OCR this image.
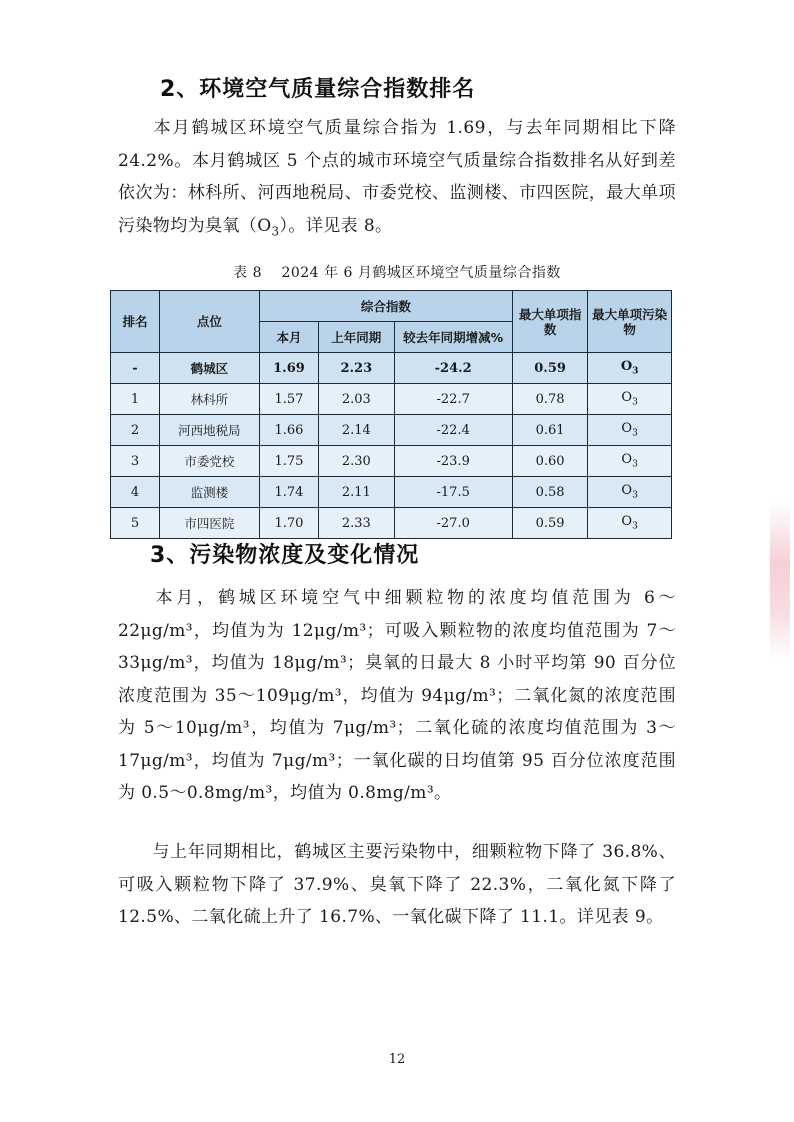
2、环境空气质量综合指数排名
本月鹤城区环境空气质量综合指为 1.69，与去年同期相比下降 24.2%。本月鹤城区 5 个点的城市环境空气质量综合指数排名从好到差依次为：林科所、河西地税局、市委党校、监测楼、市四医院，最大单项污染物均为臭氧$(O_3)$。详见表 8。
表 8　 2024 年 6 月鹤城区环境空气质量综合指数
排名	点位	综合指数			最大单项指数	最大单项污染物
		本月	上年同期	较去年同期增减%		
-	鹤城区	1.69	2.23	-24.2	0.59	$O_3$
1	林科所	1.57	2.03	-22.7	0.78	$O_3$
2	河西地税局	1.66	2.14	-22.4	0.61	$O_3$
3	市委党校	1.75	2.30	-23.9	0.60	$O_3$
4	监测楼	1.74	2.11	-17.5	0.58	$O_3$
5	市四医院	1.70	2.33	-27.0	0.59	$O_3$
3、污染物浓度及变化情况
本月，鹤城区环境空气中细颗粒物的浓度均值范围为 6～22μg/m³，均值为为 12μg/m³；可吸入颗粒物的浓度均值范围为 7～33μg/m³，均值为 18μg/m³；臭氧的日最大 8 小时平均第 90 百分位浓度范围为 35～109μg/m³，均值为 94μg/m³；二氧化氮的浓度范围为 5～10μg/m³，均值为 7μg/m³；二氧化硫的浓度均值范围为 3～17μg/m³，均值为 7μg/m³；一氧化碳的日均值第 95 百分位浓度范围为 0.5～0.8mg/m³，均值为 0.8mg/m³。
与上年同期相比，鹤城区主要污染物中，细颗粒物下降了 36.8%、可吸入颗粒物下降了 37.9%、臭氧下降了 22.3%，二氧化氮下降了 12.5%、二氧化硫上升了 16.7%、一氧化碳下降了 11.1。详见表 9。
12
